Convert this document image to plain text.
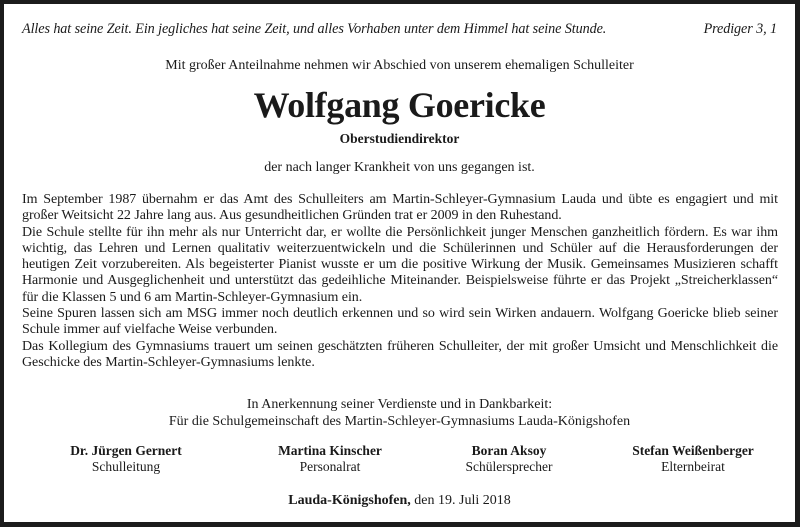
Alles hat seine Zeit. Ein jegliches hat seine Zeit, und alles Vorhaben unter dem Himmel hat seine Stunde.	Prediger 3, 1
Mit großer Anteilnahme nehmen wir Abschied von unserem ehemaligen Schulleiter
Wolfgang Goericke
Oberstudiendirektor
der nach langer Krankheit von uns gegangen ist.

Im September 1987 übernahm er das Amt des Schulleiters am Martin-Schleyer-Gymnasium Lauda und übte es engagiert und mit großer Weitsicht 22 Jahre lang aus. Aus gesundheitlichen Gründen trat er 2009 in den Ruhestand.

Die Schule stellte für ihn mehr als nur Unterricht dar, er wollte die Persönlichkeit junger Menschen ganzheitlich fördern. Es war ihm wichtig, das Lehren und Lernen qualitativ weiterzuentwickeln und die Schülerinnen und Schüler auf die Herausforderungen der heutigen Zeit vorzubereiten. Als begeisterter Pianist wusste er um die positive Wirkung der Musik. Gemeinsames Musizieren schafft Harmonie und Ausgeglichenheit und unterstützt das gedeihliche Miteinander. Beispielsweise führte er das Projekt „Streicherklassen“ für die Klassen 5 und 6 am Martin-Schleyer-Gymnasium ein.

Seine Spuren lassen sich am MSG immer noch deutlich erkennen und so wird sein Wirken andauern. Wolfgang Goericke blieb seiner Schule immer auf vielfache Weise verbunden.

Das Kollegium des Gymnasiums trauert um seinen geschätzten früheren Schulleiter, der mit großer Umsicht und Menschlichkeit die Geschicke des Martin-Schleyer-Gymnasiums lenkte.

In Anerkennung seiner Verdienste und in Dankbarkeit:
Für die Schulgemeinschaft des Martin-Schleyer-Gymnasiums Lauda-Königshofen
Dr. Jürgen Gernert
Schulleitung
Martina Kinscher
Personalrat
Boran Aksoy
Schülersprecher
Stefan Weißenberger
Elternbeirat
Lauda-Königshofen, den 19. Juli 2018
